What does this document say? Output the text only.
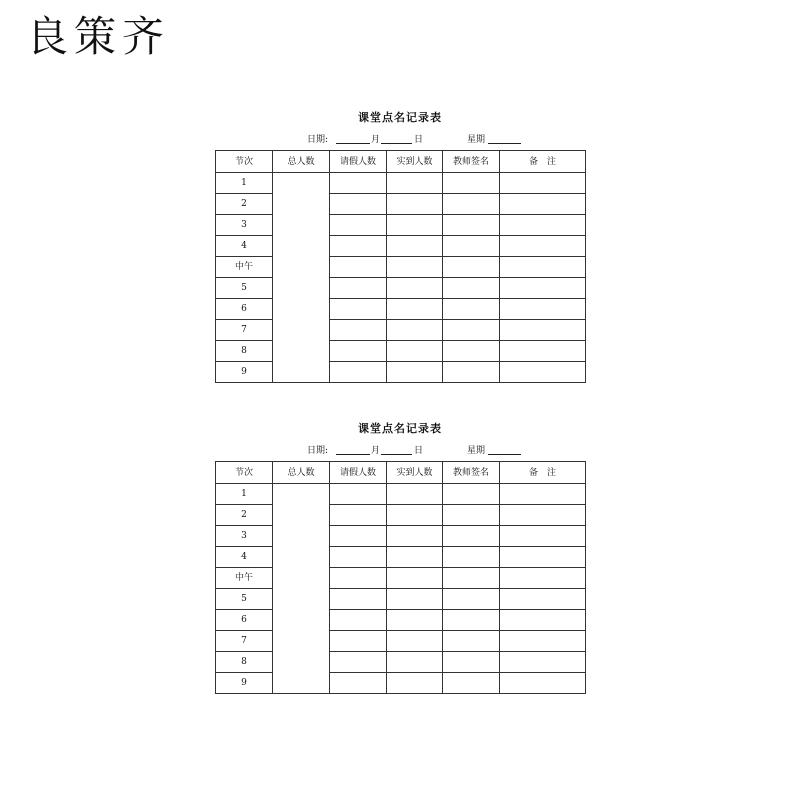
良策齐
课堂点名记录表
日期:	月	日	星期
节次	总人数	请假人数	实到人数	教师签名	备　注
1					
2					
3					
4					
中午					
5					
6					
7					
8					
9					
课堂点名记录表
日期:	月	日	星期
节次	总人数	请假人数	实到人数	教师签名	备　注
1					
2					
3					
4					
中午					
5					
6					
7					
8					
9					
